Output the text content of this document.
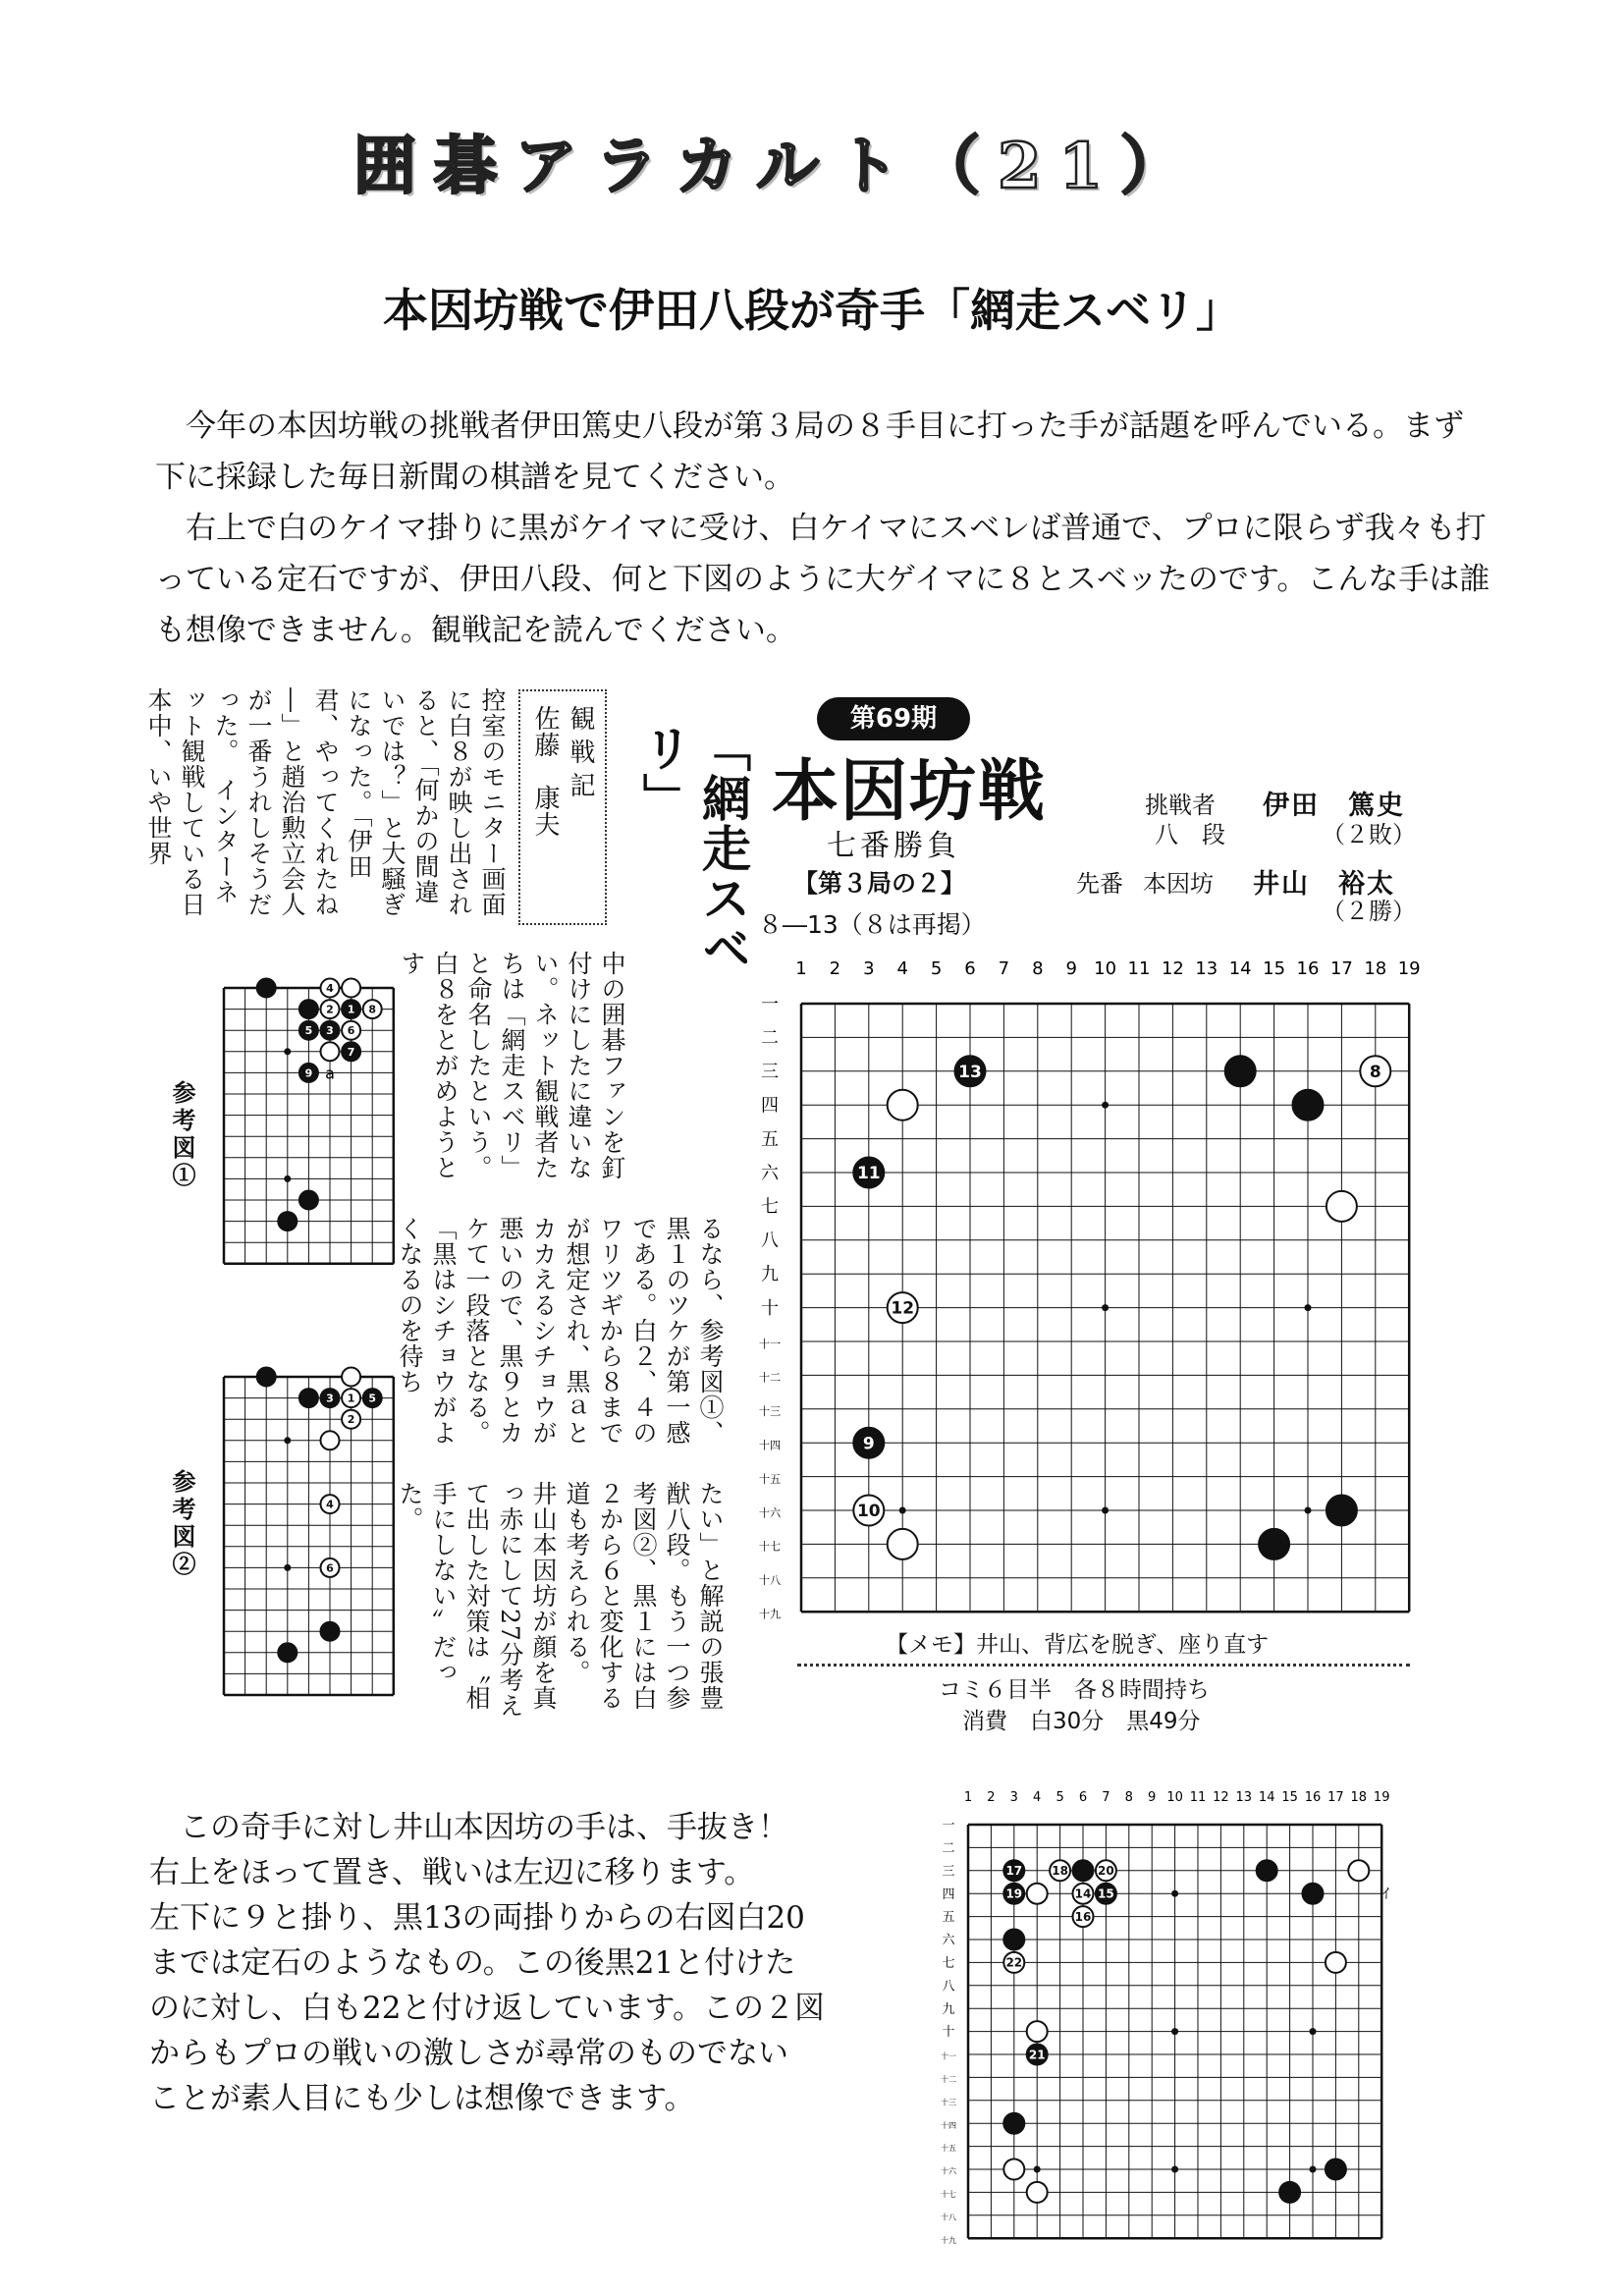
囲碁アラカルト（21）
本因坊戦で伊田八段が奇手「網走スベリ」

今年の本因坊戦の挑戦者伊田篤史八段が第３局の８手目に打った手が話題を呼んでいる。まず下に採録した毎日新聞の棋譜を見てください。

右上で白のケイマ掛りに黒がケイマに受け、白ケイマにスベレば普通で、プロに限らず我々も打っている定石ですが、伊田八段、何と下図のように大ゲイマに８とスベッたのです。こんな手は誰も想像できません。観戦記を読んでください。

「網走スベリ」
観戦記
佐藤　康夫
控室のモニター画面に白８が映し出されると、「何かの間違いでは？」と大騒ぎになった。「伊田君、やってくれたね―」と趙治勲立会人が一番うれしそうだった。　インターネット観戦している日本中、いや世界
中の囲碁ファンを釘付けにしたに違いない。ネット観戦者たちは「網走スベリ」と命名したという。白８をとがめようとす
るなら、参考図①、黒１のツケが第一感である。白２、４のワリツギから８までが想定され、黒ａとカカえるシチョウが悪いので、黒９とカケて一段落となる。「黒はシチョウがよくなるのを待ち
たい」と解説の張豊猷八段。もう一つ参考図②、黒１には白２から６と変化する道も考えられる。　井山本因坊が顔を真っ赤にして27分考えて出した対策は〝相手にしない〟だった。
参考図①
参考図②
2 1 8
4
5 3 6
7
9 a
3 1 5
2
4
6
第69期
本因坊戦
七番勝負
【第３局の２】
８―13（８は再掲）
挑戦者
八　段
伊田　篤史
（２敗）
先番 本因坊 井山　裕太
（２勝）
1 2 3 4 5 6 7 8 9 10 11 12 13 14 15 16 17 18 19
一
二
三
四
五
六
七
八
九
十
十一
十二
十三
十四
十五
十六
十七
十八
十九
8
13
11
12
9
10
【メモ】井山、背広を脱ぎ、座り直す
コミ６目半　各８時間持ち
消費　白30分　黒49分

　この奇手に対し井山本因坊の手は、手抜き！

右上をほって置き、戦いは左辺に移ります。

左下に９と掛り、黒13の両掛りからの右図白20

までは定石のようなもの。この後黒21と付けた

のに対し、白も22と付け返しています。この２図

からもプロの戦いの激しさが尋常のものでない

ことが素人目にも少しは想像できます。

1 2 3 4 5 6 7 8 9 10 11 12 13 14 15 16 17 18 19
一
二
三
四
五
六
七
八
九
十
十一
十二
十三
十四
十五
十六
十七
十八
十九
17
19
18	20
14 15
16
22
21
イ
